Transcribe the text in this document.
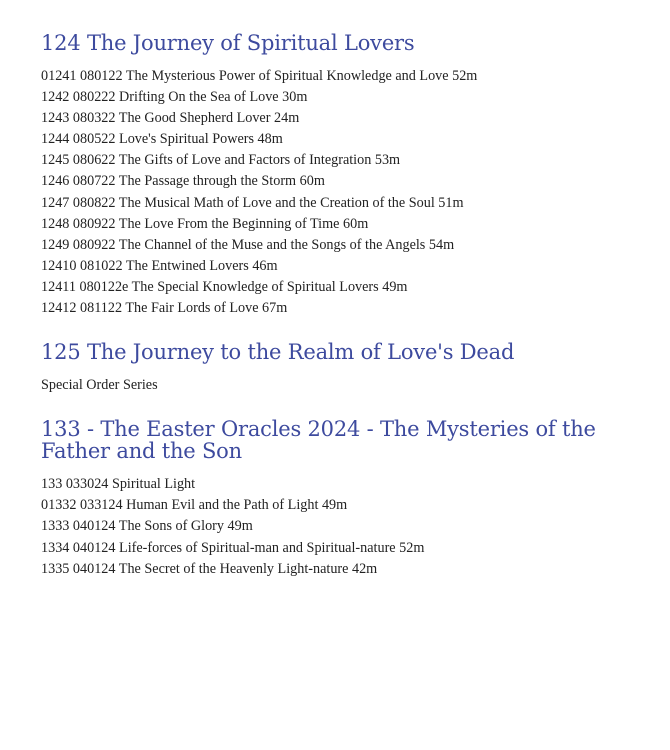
124 The Journey of Spiritual Lovers
01241 080122 The Mysterious Power of Spiritual Knowledge and Love 52m
1242 080222 Drifting On the Sea of Love 30m
1243 080322 The Good Shepherd Lover 24m
1244 080522 Love's Spiritual Powers 48m
1245 080622 The Gifts of Love and Factors of Integration 53m
1246 080722 The Passage through the Storm 60m
1247 080822 The Musical Math of Love and the Creation of the Soul 51m
1248 080922 The Love From the Beginning of Time 60m
1249 080922 The Channel of the Muse and the Songs of the Angels 54m
12410 081022 The Entwined Lovers 46m
12411 080122e The Special Knowledge of Spiritual Lovers 49m
12412 081122 The Fair Lords of Love 67m
125 The Journey to the Realm of Love's Dead
Special Order Series
133 - The Easter Oracles 2024 - The Mysteries of the Father and the Son
133 033024 Spiritual Light
01332 033124 Human Evil and the Path of Light 49m
1333 040124 The Sons of Glory 49m
1334 040124 Life-forces of Spiritual-man and Spiritual-nature 52m
1335 040124 The Secret of the Heavenly Light-nature 42m
